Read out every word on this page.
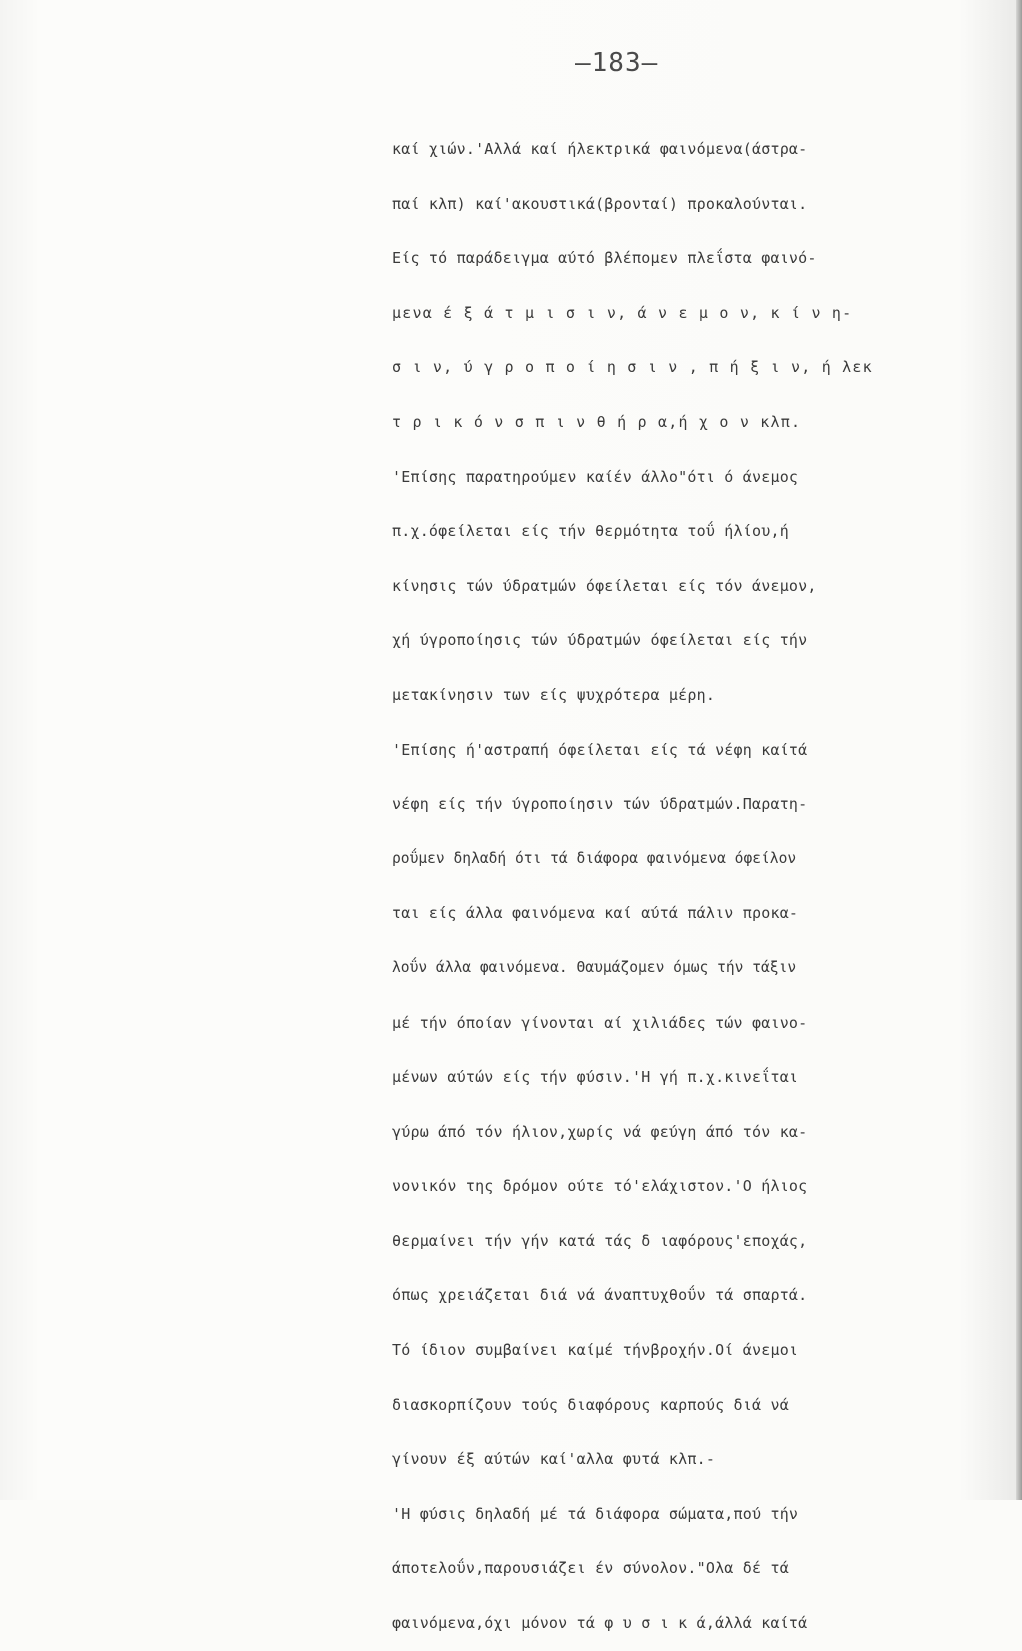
—183—
καί χιών.'Αλλά καί ήλεκτρικά φαινόμενα(άστρα-
παί κλπ) καί'ακουστικά(βρονταί) προκαλούνται.
Είς τό παράδειγμα αύτό βλέπομεν πλεΐστα φαινό-
μενα έ ξ ά τ μ ι σ ι ν, ά ν ε μ ο ν, κ ί ν η-
σ ι ν, ύ γ ρ ο π ο ί η σ ι ν , π ή ξ ι ν, ή λεκ
τ ρ ι κ ό ν σ π ι ν θ ή ρ α,ή χ ο ν κλπ.
'Επίσης παρατηρούμεν καίέν άλλο"ότι ό άνεμος
π.χ.όφείλεται είς τήν θερμότητα τοΰ ήλίου,ή
κίνησις τών ύδρατμών όφείλεται είς τόν άνεμον,
χή ύγροποίησις τών ύδρατμών όφείλεται είς τήν
μετακίνησιν των είς ψυχρότερα μέρη.
'Επίσης ή'αστραπή όφείλεται είς τά νέφη καίτά
νέφη είς τήν ύγροποίησιν τών ύδρατμών.Παρατη-
ροΰμεν δηλαδή ότι τά διάφορα φαινόμενα όφείλον
ται είς άλλα φαινόμενα καί αύτά πάλιν προκα-
λοΰν άλλα φαινόμενα. Θαυμάζομεν όμως τήν τάξιν
μέ τήν όποίαν γίνονται αί χιλιάδες τών φαινο-
μένων αύτών είς τήν φύσιν.'Η γή π.χ.κινεΐται
γύρω άπό τόν ήλιον,χωρίς νά φεύγη άπό τόν κα-
νονικόν της δρόμον ούτε τό'ελάχιστον.'Ο ήλιος
θερμαίνει τήν γήν κατά τάς δ ιαφόρους'εποχάς,
όπως χρειάζεται διά νά άναπτυχθοΰν τά σπαρτά.
Τό ίδιον συμβαίνει καίμέ τήνβροχήν.Οί άνεμοι
διασκορπίζουν τούς διαφόρους καρπούς διά νά
γίνουν έξ αύτών καί'αλλα φυτά κλπ.-
'Η φύσις δηλαδή μέ τά διάφορα σώματα,πού τήν
άποτελοΰν,παρουσιάζει έν σύνολον."Ολα δέ τά
φαινόμενα,όχι μόνον τά φ υ σ ι κ ά,άλλά καίτά
